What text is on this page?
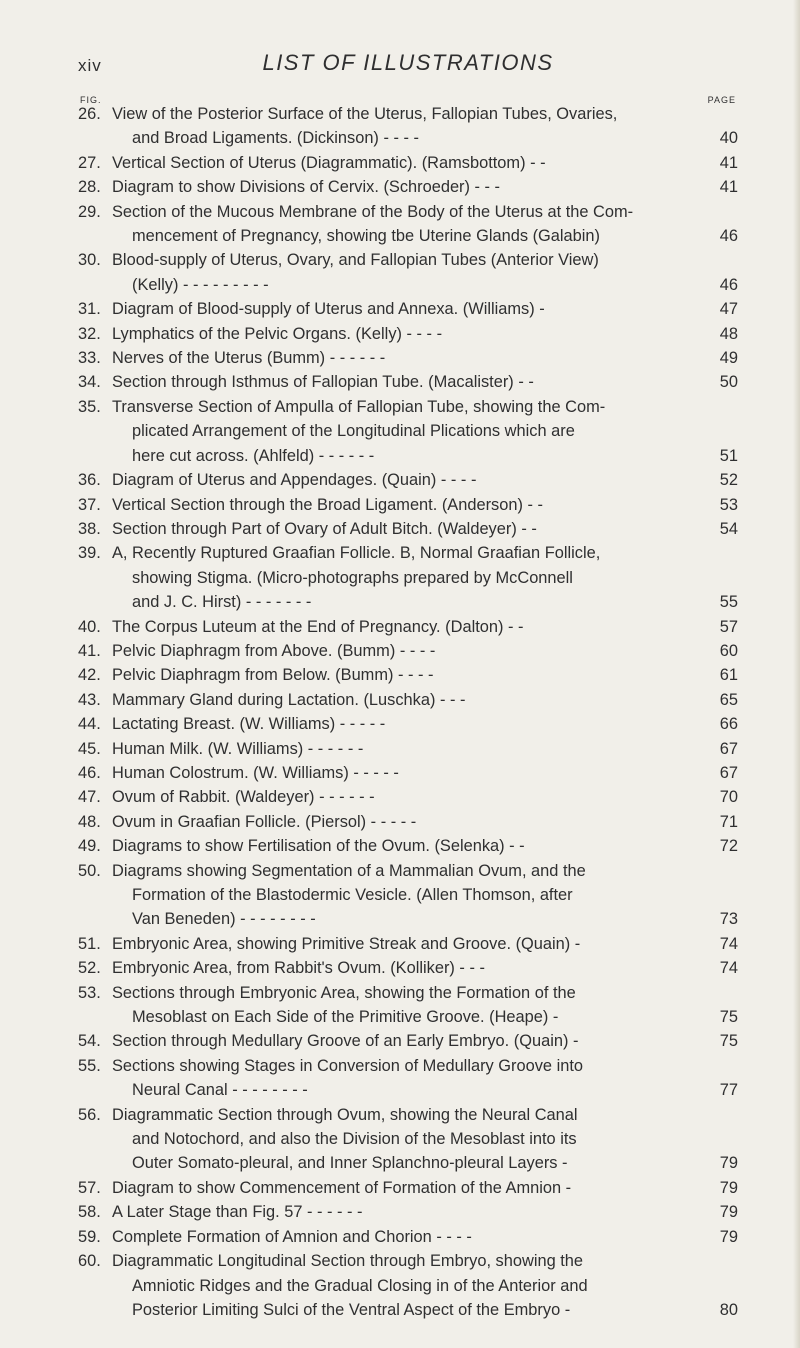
xiv	LIST OF ILLUSTRATIONS
FIG.	PAGE
26. View of the Posterior Surface of the Uterus, Fallopian Tubes, Ovaries,
and Broad Ligaments. (Dickinson) - - - -	40
27. Vertical Section of Uterus (Diagrammatic). (Ramsbottom) - -	41
28. Diagram to show Divisions of Cervix. (Schroeder) - - -	41
29. Section of the Mucous Membrane of the Body of the Uterus at the Com-
mencement of Pregnancy, showing tbe Uterine Glands (Galabin)	46
30. Blood-supply of Uterus, Ovary, and Fallopian Tubes (Anterior View)
(Kelly) - - - - - - - - -	46
31. Diagram of Blood-supply of Uterus and Annexa. (Williams) -	47
32. Lymphatics of the Pelvic Organs. (Kelly) - - - -	48
33. Nerves of the Uterus (Bumm) - - - - - -	49
34. Section through Isthmus of Fallopian Tube. (Macalister) - -	50
35. Transverse Section of Ampulla of Fallopian Tube, showing the Com-
plicated Arrangement of the Longitudinal Plications which are
here cut across. (Ahlfeld) - - - - - -	51
36. Diagram of Uterus and Appendages. (Quain) - - - -	52
37. Vertical Section through the Broad Ligament. (Anderson) - -	53
38. Section through Part of Ovary of Adult Bitch. (Waldeyer) - -	54
39. A, Recently Ruptured Graafian Follicle. B, Normal Graafian Follicle,
showing Stigma. (Micro-photographs prepared by McConnell
and J. C. Hirst) - - - - - - -	55
40. The Corpus Luteum at the End of Pregnancy. (Dalton) - -	57
41. Pelvic Diaphragm from Above. (Bumm) - - - -	60
42. Pelvic Diaphragm from Below. (Bumm) - - - -	61
43. Mammary Gland during Lactation. (Luschka) - - -	65
44. Lactating Breast. (W. Williams) - - - - -	66
45. Human Milk. (W. Williams) - - - - - -	67
46. Human Colostrum. (W. Williams) - - - - -	67
47. Ovum of Rabbit. (Waldeyer) - - - - - -	70
48. Ovum in Graafian Follicle. (Piersol) - - - - -	71
49. Diagrams to show Fertilisation of the Ovum. (Selenka) - -	72
50. Diagrams showing Segmentation of a Mammalian Ovum, and the
Formation of the Blastodermic Vesicle. (Allen Thomson, after
Van Beneden) - - - - - - - -	73
51. Embryonic Area, showing Primitive Streak and Groove. (Quain) -	74
52. Embryonic Area, from Rabbit's Ovum. (Kolliker) - - -	74
53. Sections through Embryonic Area, showing the Formation of the
Mesoblast on Each Side of the Primitive Groove. (Heape) -	75
54. Section through Medullary Groove of an Early Embryo. (Quain) -	75
55. Sections showing Stages in Conversion of Medullary Groove into
Neural Canal - - - - - - - -	77
56. Diagrammatic Section through Ovum, showing the Neural Canal
and Notochord, and also the Division of the Mesoblast into its
Outer Somato-pleural, and Inner Splanchno-pleural Layers -	79
57. Diagram to show Commencement of Formation of the Amnion -	79
58. A Later Stage than Fig. 57 - - - - - -	79
59. Complete Formation of Amnion and Chorion - - - -	79
60. Diagrammatic Longitudinal Section through Embryo, showing the
Amniotic Ridges and the Gradual Closing in of the Anterior and
Posterior Limiting Sulci of the Ventral Aspect of the Embryo -	80
